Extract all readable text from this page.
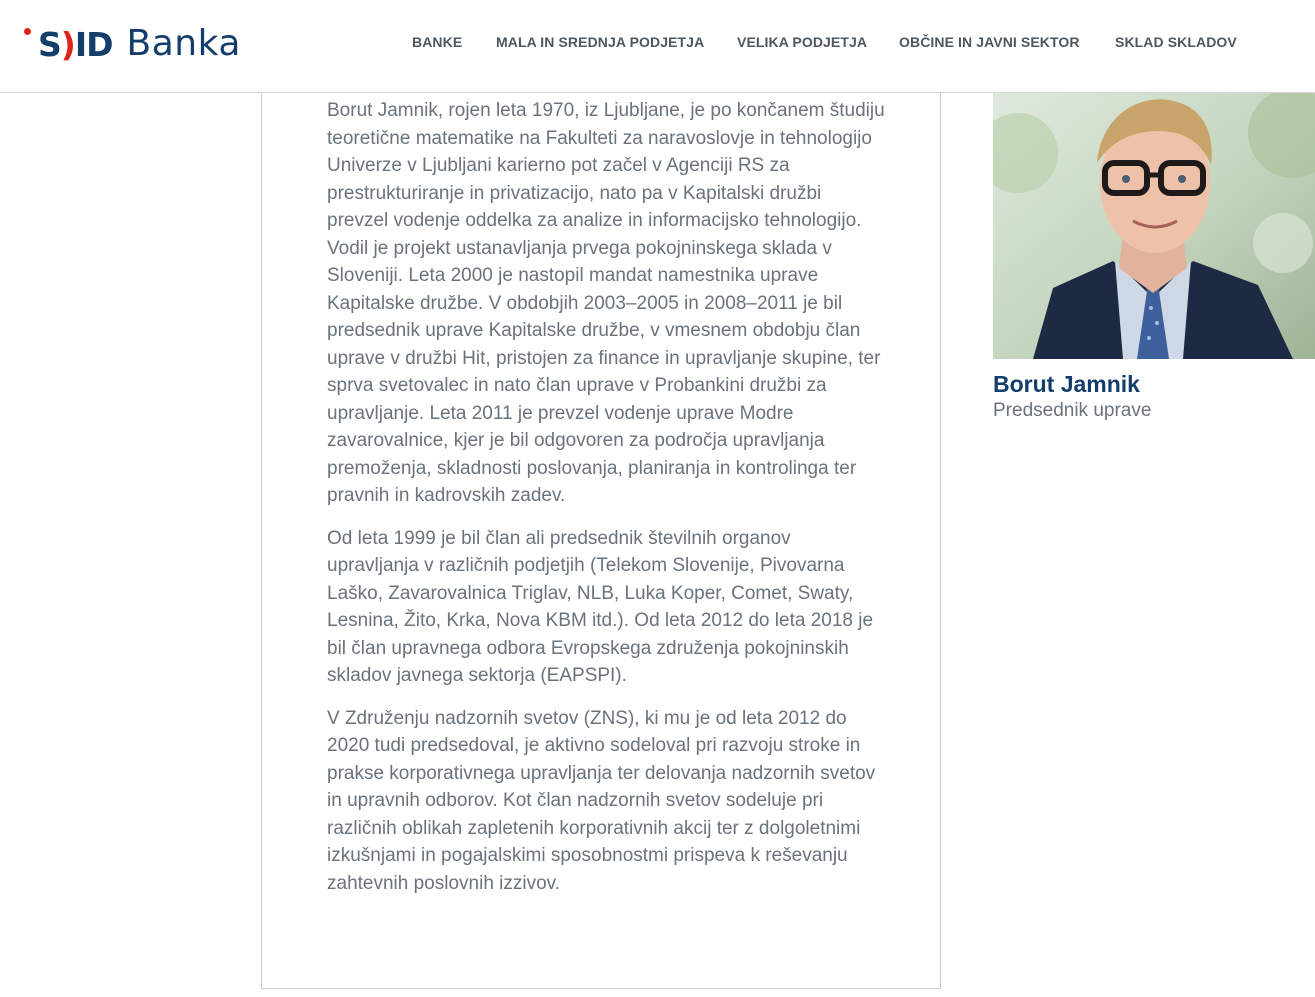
S)ID Banka	BANKE MALA IN SREDNJA PODJETJA VELIKA PODJETJA OBČINE IN JAVNI SEKTOR	SKLAD SKLADOV

Borut Jamnik, rojen leta 1970, iz Ljubljane, je po končanem študiju teoretične matematike na Fakulteti za naravoslovje in tehnologijo Univerze v Ljubljani karierno pot začel v Agenciji RS za prestrukturiranje in privatizacijo, nato pa v Kapitalski družbi prevzel vodenje oddelka za analize in informacijsko tehnologijo. Vodil je projekt ustanavljanja prvega pokojninskega sklada v Sloveniji. Leta 2000 je nastopil mandat namestnika uprave Kapitalske družbe. V obdobjih 2003–2005 in 2008–2011 je bil predsednik uprave Kapitalske družbe, v vmesnem obdobju član uprave v družbi Hit, pristojen za finance in upravljanje skupine, ter sprva svetovalec in nato član uprave v Probankini družbi za upravljanje. Leta 2011 je prevzel vodenje uprave Modre zavarovalnice, kjer je bil odgovoren za področja upravljanja premoženja, skladnosti poslovanja, planiranja in kontrolinga ter pravnih in kadrovskih zadev.

Od leta 1999 je bil član ali predsednik številnih organov upravljanja v različnih podjetjih (Telekom Slovenije, Pivovarna Laško, Zavarovalnica Triglav, NLB, Luka Koper, Comet, Swaty, Lesnina, Žito, Krka, Nova KBM itd.). Od leta 2012 do leta 2018 je bil član upravnega odbora Evropskega združenja pokojninskih skladov javnega sektorja (EAPSPI).

V Združenju nadzornih svetov (ZNS), ki mu je od leta 2012 do 2020 tudi predsedoval, je aktivno sodeloval pri razvoju stroke in prakse korporativnega upravljanja ter delovanja nadzornih svetov in upravnih odborov. Kot član nadzornih svetov sodeluje pri različnih oblikah zapletenih korporativnih akcij ter z dolgoletnimi izkušnjami in pogajalskimi sposobnostmi prispeva k reševanju zahtevnih poslovnih izzivov.

Borut Jamnik
Predsednik uprave
